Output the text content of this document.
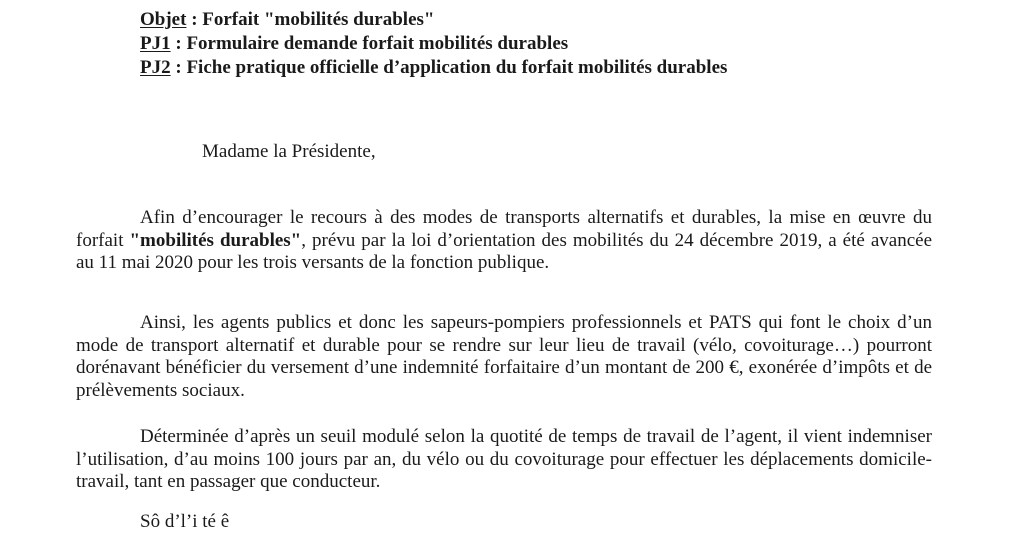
Objet : Forfait "mobilités durables"

PJ1 : Formulaire demande forfait mobilités durables

PJ2 : Fiche pratique officielle d’application du forfait mobilités durables

Madame la Présidente,

Afin d’encourager le recours à des modes de transports alternatifs et durables, la mise en œuvre du forfait "mobilités durables", prévu par la loi d’orientation des mobilités du 24 décembre 2019, a été avancée au 11 mai 2020 pour les trois versants de la fonction publique.

Ainsi, les agents publics et donc les sapeurs-pompiers professionnels et PATS qui font le choix d’un mode de transport alternatif et durable pour se rendre sur leur lieu de travail (vélo, covoiturage…) pourront dorénavant bénéficier du versement d’une indemnité forfaitaire d’un montant de 200 €, exonérée d’impôts et de prélèvements sociaux.

Déterminée d’après un seuil modulé selon la quotité de temps de travail de l’agent, il vient indemniser l’utilisation, d’au moins 100 jours par an, du vélo ou du covoiturage pour effectuer les déplacements domicile-travail, tant en passager que conducteur.

Sô d’l’i té ê
